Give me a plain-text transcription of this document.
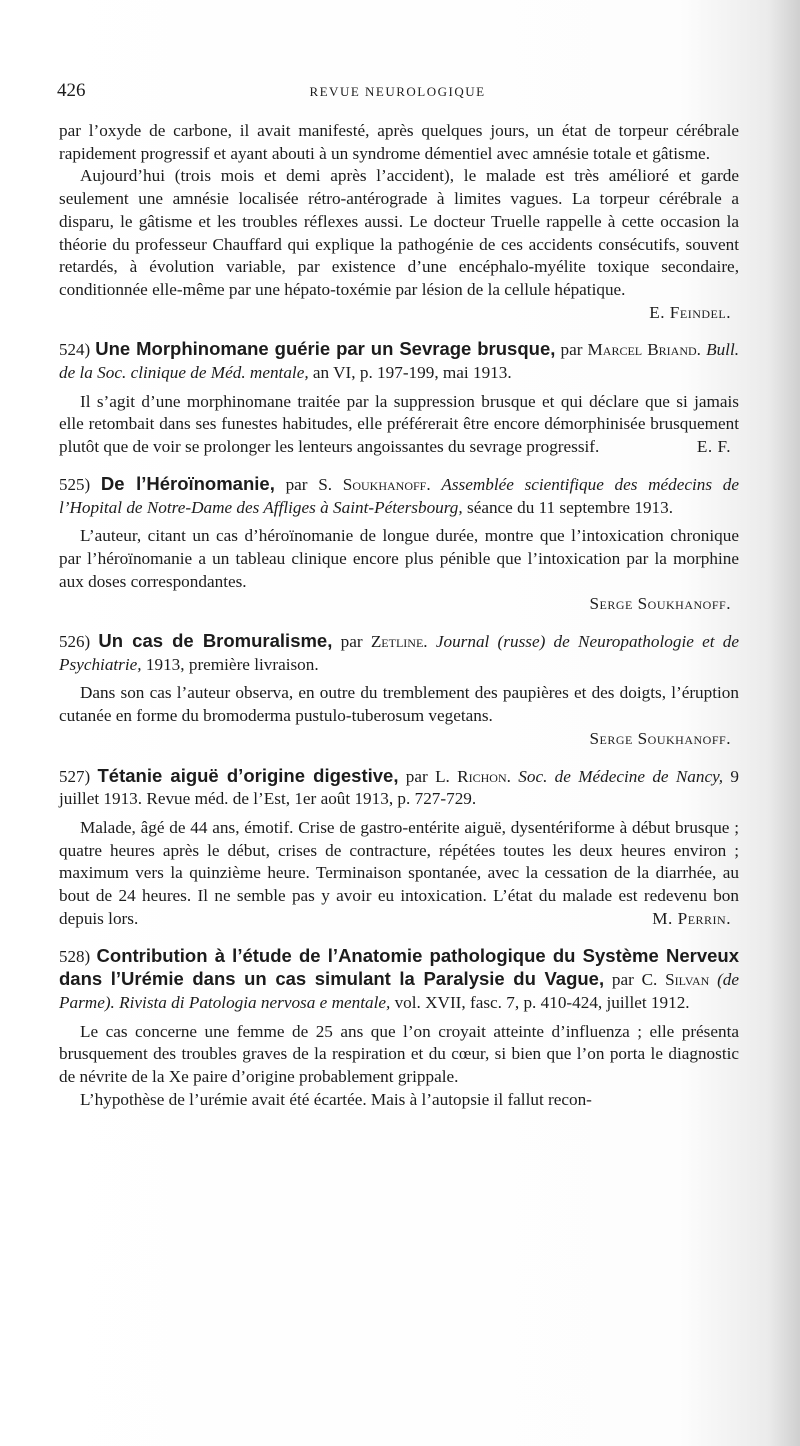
426	REVUE NEUROLOGIQUE

par l’oxyde de carbone, il avait manifesté, après quelques jours, un état de torpeur cérébrale rapidement progressif et ayant abouti à un syndrome démentiel avec amnésie totale et gâtisme.

Aujourd’hui (trois mois et demi après l’accident), le malade est très amélioré et garde seulement une amnésie localisée rétro-antérograde à limites vagues. La torpeur cérébrale a disparu, le gâtisme et les troubles réflexes aussi. Le docteur Truelle rappelle à cette occasion la théorie du professeur Chauffard qui explique la pathogénie de ces accidents consécutifs, souvent retardés, à évolution variable, par existence d’une encéphalo-myélite toxique secondaire, conditionnée elle-même par une hépato-toxémie par lésion de la cellule hépatique.

E. Feindel.

524) Une Morphinomane guérie par un Sevrage brusque, par Marcel Briand. Bull. de la Soc. clinique de Méd. mentale, an VI, p. 197-199, mai 1913.

Il s’agit d’une morphinomane traitée par la suppression brusque et qui déclare que si jamais elle retombait dans ses funestes habitudes, elle préférerait être encore démorphinisée brusquement plutôt que de voir se prolonger les lenteurs angoissantes du sevrage progressif.	E. F.

525) De l’Héroïnomanie, par S. Soukhanoff. Assemblée scientifique des médecins de l’Hopital de Notre-Dame des Affliges à Saint-Pétersbourg, séance du 11 septembre 1913.

L’auteur, citant un cas d’héroïnomanie de longue durée, montre que l’intoxication chronique par l’héroïnomanie a un tableau clinique encore plus pénible que l’intoxication par la morphine aux doses correspondantes.

Serge Soukhanoff.

526) Un cas de Bromuralisme, par Zetline. Journal (russe) de Neuropathologie et de Psychiatrie, 1913, première livraison.

Dans son cas l’auteur observa, en outre du tremblement des paupières et des doigts, l’éruption cutanée en forme du bromoderma pustulo-tuberosum vegetans.

Serge Soukhanoff.

527) Tétanie aiguë d’origine digestive, par L. Richon. Soc. de Médecine de Nancy, 9 juillet 1913. Revue méd. de l’Est, 1er août 1913, p. 727-729.

Malade, âgé de 44 ans, émotif. Crise de gastro-entérite aiguë, dysentériforme à début brusque ; quatre heures après le début, crises de contracture, répétées toutes les deux heures environ ; maximum vers la quinzième heure. Terminaison spontanée, avec la cessation de la diarrhée, au bout de 24 heures. Il ne semble pas y avoir eu intoxication. L’état du malade est redevenu bon depuis lors.	M. Perrin.

528) Contribution à l’étude de l’Anatomie pathologique du Système Nerveux dans l’Urémie dans un cas simulant la Paralysie du Vague, par C. Silvan (de Parme). Rivista di Patologia nervosa e mentale, vol. XVII, fasc. 7, p. 410-424, juillet 1912.

Le cas concerne une femme de 25 ans que l’on croyait atteinte d’influenza ; elle présenta brusquement des troubles graves de la respiration et du cœur, si bien que l’on porta le diagnostic de névrite de la Xe paire d’origine probablement grippale.

L’hypothèse de l’urémie avait été écartée. Mais à l’autopsie il fallut recon-
